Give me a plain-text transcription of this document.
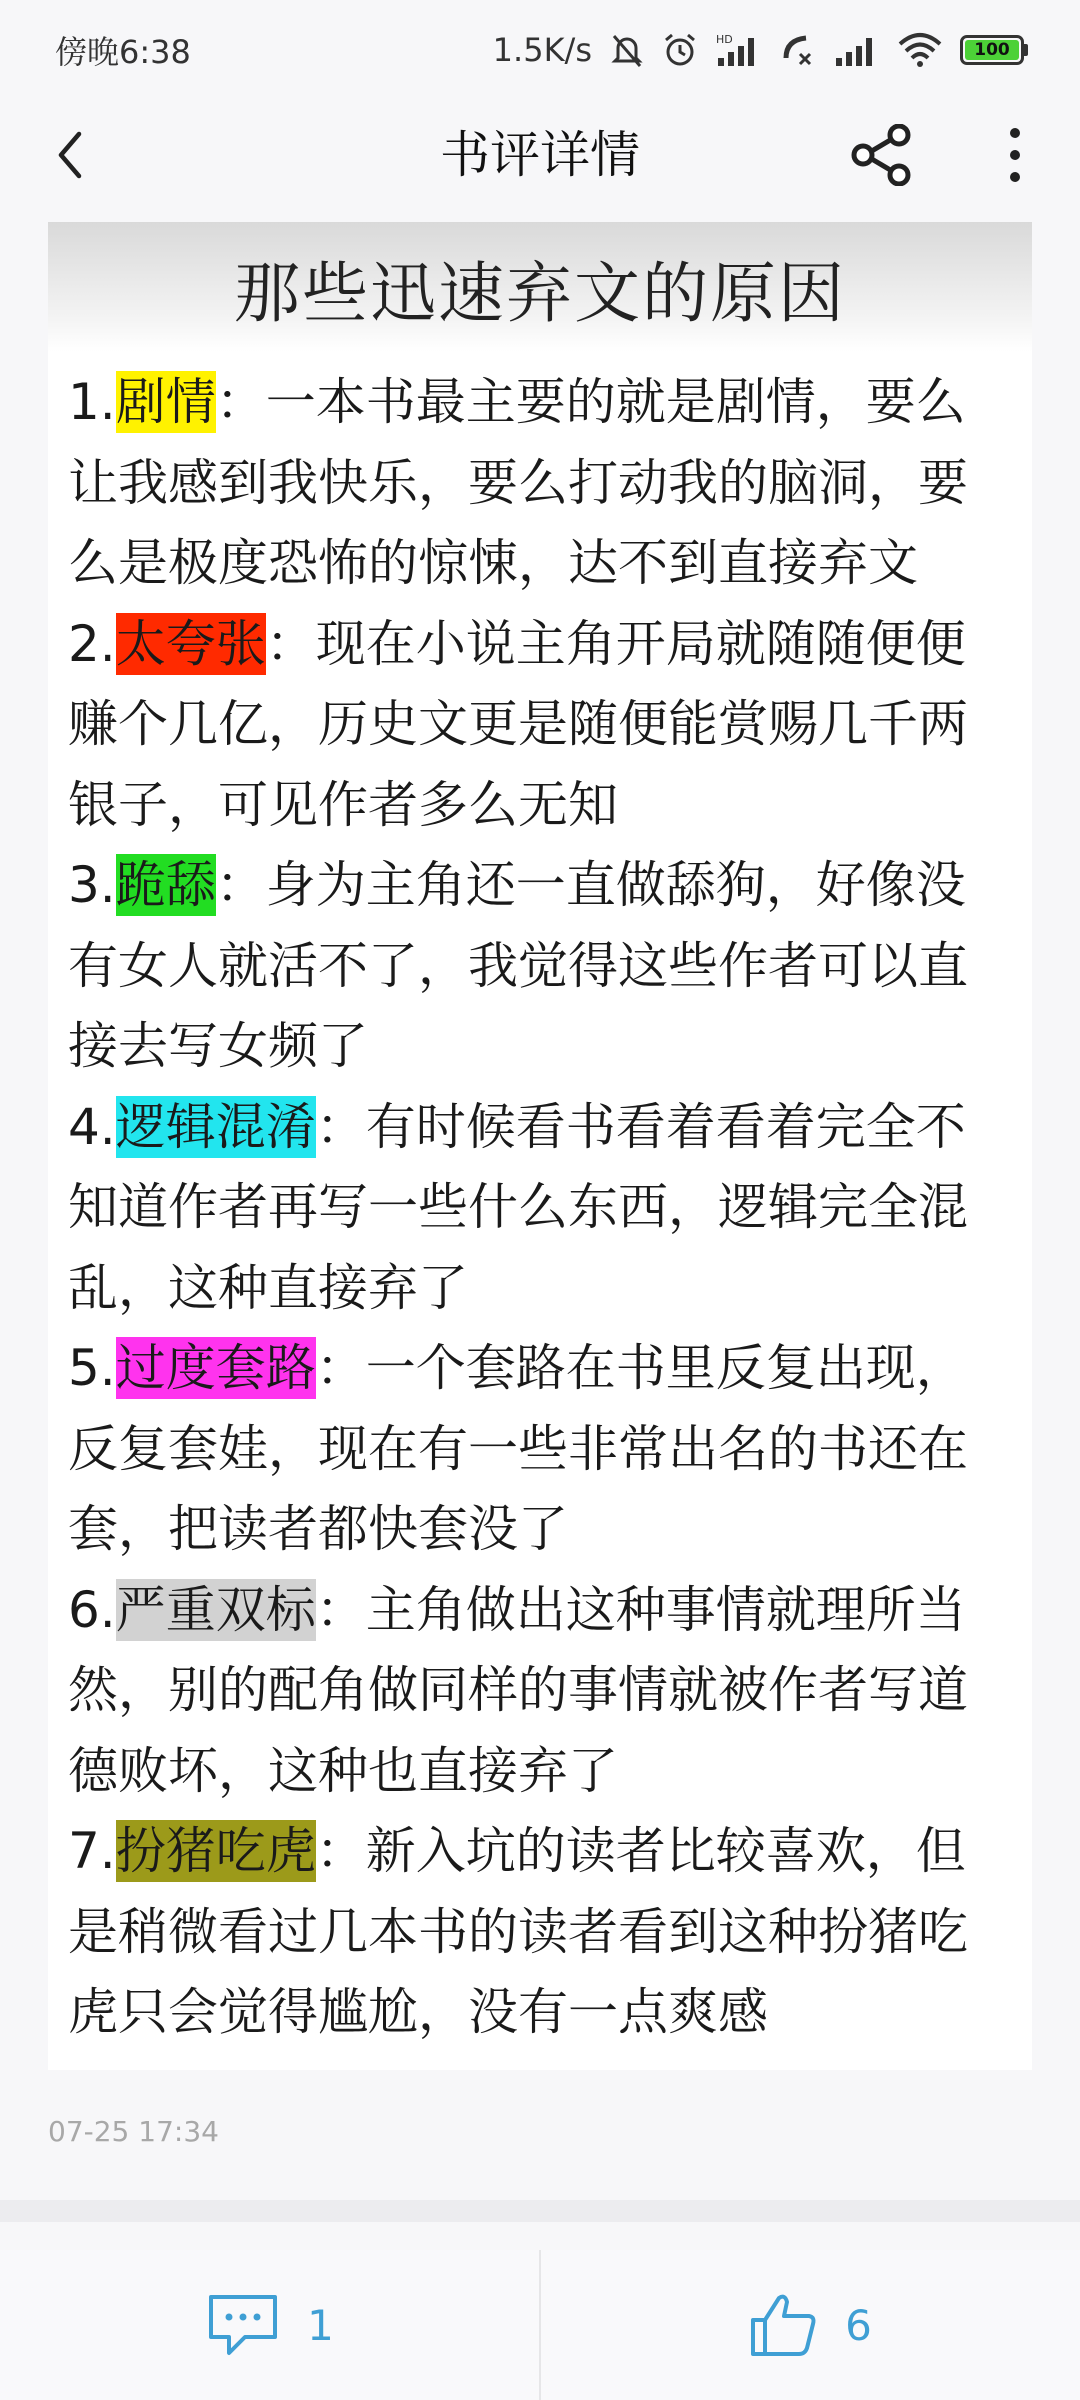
傍晚6:38	1.5K/s	HD
100
书评详情
那些迅速弃文的原因
1.剧情：一本书最主要的就是剧情，要么让我感到我快乐，要么打动我的脑洞，要么是极度恐怖的惊悚，达不到直接弃文
2.太夸张：现在小说主角开局就随随便便赚个几亿，历史文更是随便能赏赐几千两银子，可见作者多么无知
3.跪舔：身为主角还一直做舔狗，好像没有女人就活不了，我觉得这些作者可以直接去写女频了
4.逻辑混淆：有时候看书看着看着完全不知道作者再写一些什么东西，逻辑完全混乱，这种直接弃了
5.过度套路：一个套路在书里反复出现，反复套娃，现在有一些非常出名的书还在套，把读者都快套没了
6.严重双标：主角做出这种事情就理所当然，别的配角做同样的事情就被作者写道德败坏，这种也直接弃了
7.扮猪吃虎：新入坑的读者比较喜欢，但是稍微看过几本书的读者看到这种扮猪吃虎只会觉得尴尬，没有一点爽感
07-25 17:34
1	6
